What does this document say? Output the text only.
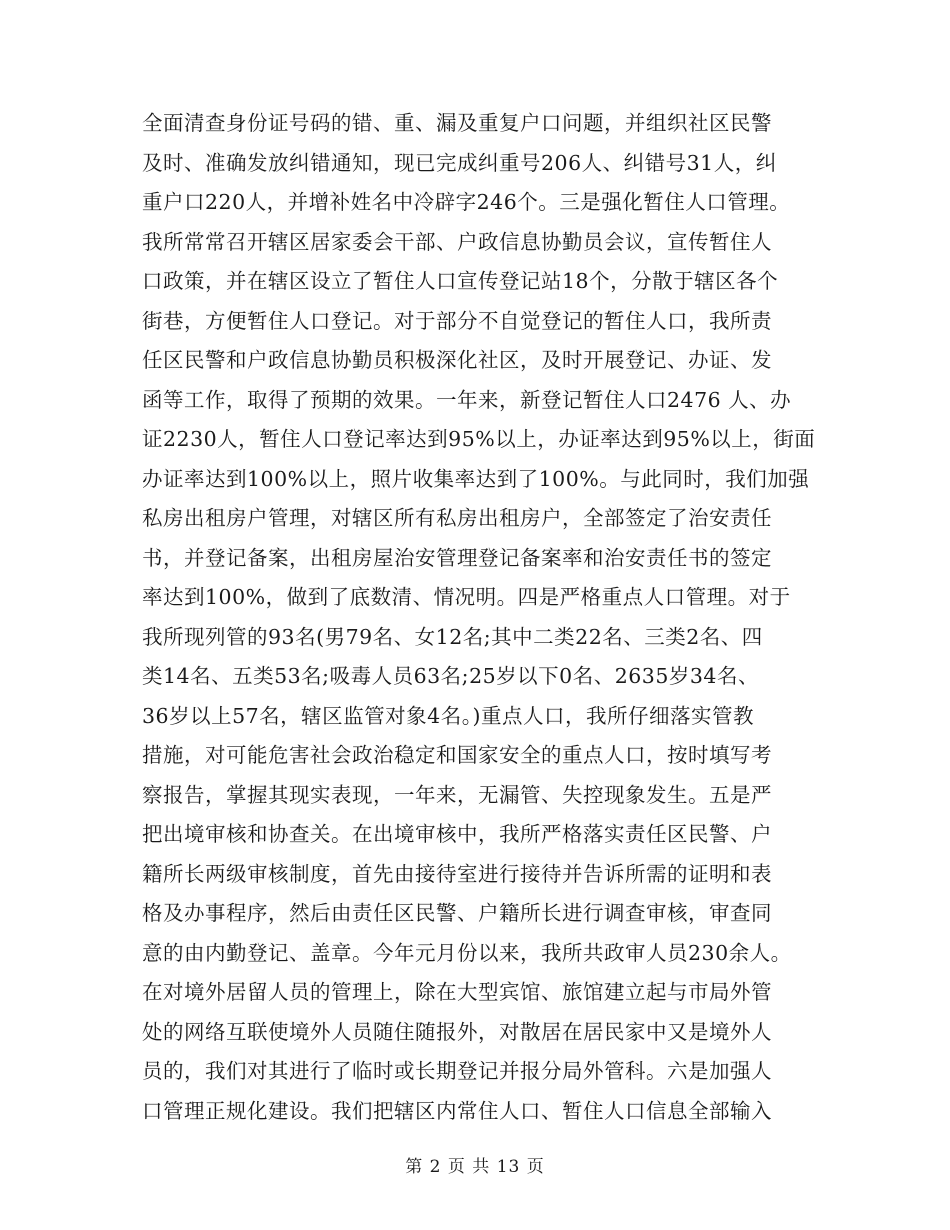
全面清查身份证号码的错、重、漏及重复户口问题，并组织社区民警
及时、准确发放纠错通知，现已完成纠重号206人、纠错号31人，纠
重户口220人，并增补姓名中冷辟字246个。三是强化暂住人口管理。
我所常常召开辖区居家委会干部、户政信息协勤员会议，宣传暂住人
口政策，并在辖区设立了暂住人口宣传登记站18个，分散于辖区各个
街巷，方便暂住人口登记。对于部分不自觉登记的暂住人口，我所责
任区民警和户政信息协勤员积极深化社区，及时开展登记、办证、发
函等工作，取得了预期的效果。一年来，新登记暂住人口2476 人、办
证2230人，暂住人口登记率达到95%以上，办证率达到95%以上，街面
办证率达到100%以上，照片收集率达到了100%。与此同时，我们加强
私房出租房户管理，对辖区所有私房出租房户，全部签定了治安责任
书，并登记备案，出租房屋治安管理登记备案率和治安责任书的签定
率达到100%，做到了底数清、情况明。四是严格重点人口管理。对于
我所现列管的93名(男79名、女12名;其中二类22名、三类2名、四
类14名、五类53名;吸毒人员63名;25岁以下0名、2635岁34名、
36岁以上57名，辖区监管对象4名。)重点人口，我所仔细落实管教
措施，对可能危害社会政治稳定和国家安全的重点人口，按时填写考
察报告，掌握其现实表现，一年来，无漏管、失控现象发生。五是严
把出境审核和协查关。在出境审核中，我所严格落实责任区民警、户
籍所长两级审核制度，首先由接待室进行接待并告诉所需的证明和表
格及办事程序，然后由责任区民警、户籍所长进行调查审核，审查同
意的由内勤登记、盖章。今年元月份以来，我所共政审人员230余人。
在对境外居留人员的管理上，除在大型宾馆、旅馆建立起与市局外管
处的网络互联使境外人员随住随报外，对散居在居民家中又是境外人
员的，我们对其进行了临时或长期登记并报分局外管科。六是加强人
口管理正规化建设。我们把辖区内常住人口、暂住人口信息全部输入
第 2 页 共 13 页
